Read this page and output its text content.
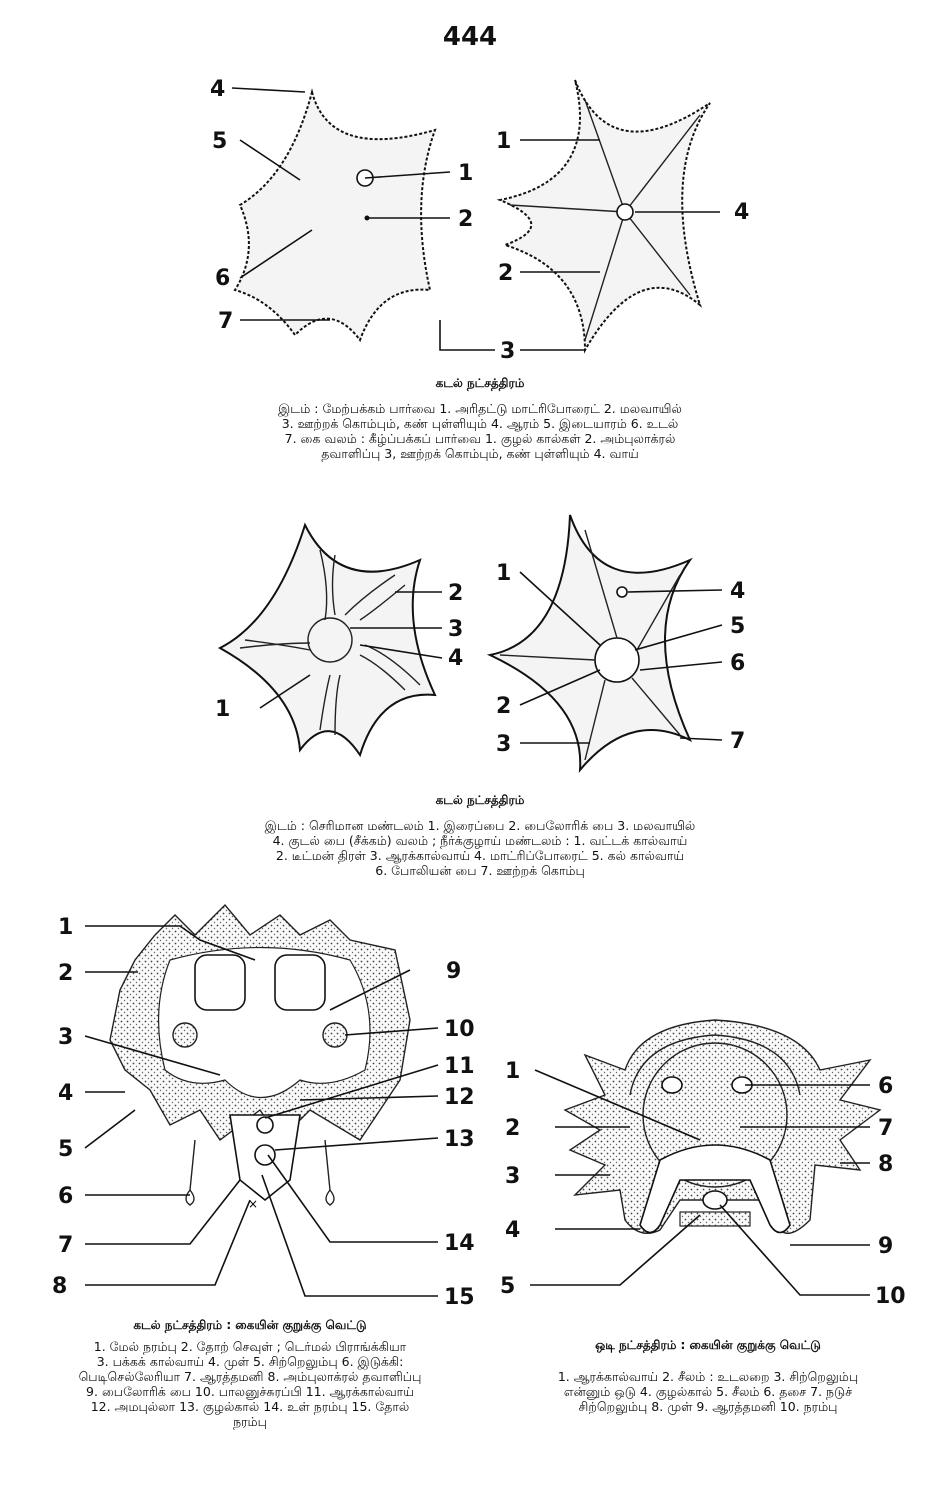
444
4
5
1
2
6
7
1
4
2
3
கடல் நட்சத்திரம்
இடம் : மேற்பக்கம் பார்வை 1. அரிதட்டு மாட்ரிபோரைட் 2. மலவாயில்
3. ஊற்றக் கொம்பும், கண் புள்ளியும் 4. ஆரம் 5. இடையாரம் 6. உடல்
7. கை வலம் : கீழ்ப்பக்கப் பார்வை 1. குழல் கால்கள் 2. அம்புலாக்ரல்
தவாளிப்பு 3, ஊற்றக் கொம்பும், கண் புள்ளியும் 4. வாய்
2
3
4
1
1
4
5
6
2
3	7
கடல் நட்சத்திரம்
இடம் : செரிமான மண்டலம் 1. இரைப்பை 2. பைலோரிக் பை 3. மலவாயில்
4. குடல் பை (சீக்கம்) வலம் ; நீர்க்குழாய் மண்டலம் : 1. வட்டக் கால்வாய்
2. டீட்மன் திரள் 3. ஆரக்கால்வாய் 4. மாட்ரிப்போரைட் 5. கல் கால்வாய்
6. போலியன் பை 7. ஊற்றக் கொம்பு
×
1
2
3
4
5
6
7
8
9
10
11
12
13
14
15
கடல் நட்சத்திரம் : கையின் குறுக்கு வெட்டு
1. மேல் நரம்பு 2. தோற் செவுள் ; டெர்மல் பிராங்க்கியா
3. பக்கக் கால்வாய் 4. முள் 5. சிற்றெலும்பு 6. இடுக்கி:
பெடிசெல்லேரியா 7. ஆரத்தமனி 8. அம்புலாக்ரல் தவாளிப்பு
9. பைலோரிக் பை 10. பாலனுச்சுரப்பி 11. ஆரக்கால்வாய்
12. அமபுல்லா 13. குழல்கால் 14. உள் நரம்பு 15. தோல்
நரம்பு
1
2
3
4
5
6
7
8
9
10
ஒடி நட்சத்திரம் : கையின் குறுக்கு வெட்டு
1. ஆரக்கால்வாய் 2. சீலம் : உடலறை 3. சிற்றெலும்பு
என்னும் ஒடு 4. குழல்கால் 5. சீலம் 6. தசை 7. நடுச்
சிற்றெலும்பு 8. முள் 9. ஆரத்தமனி 10. நரம்பு
